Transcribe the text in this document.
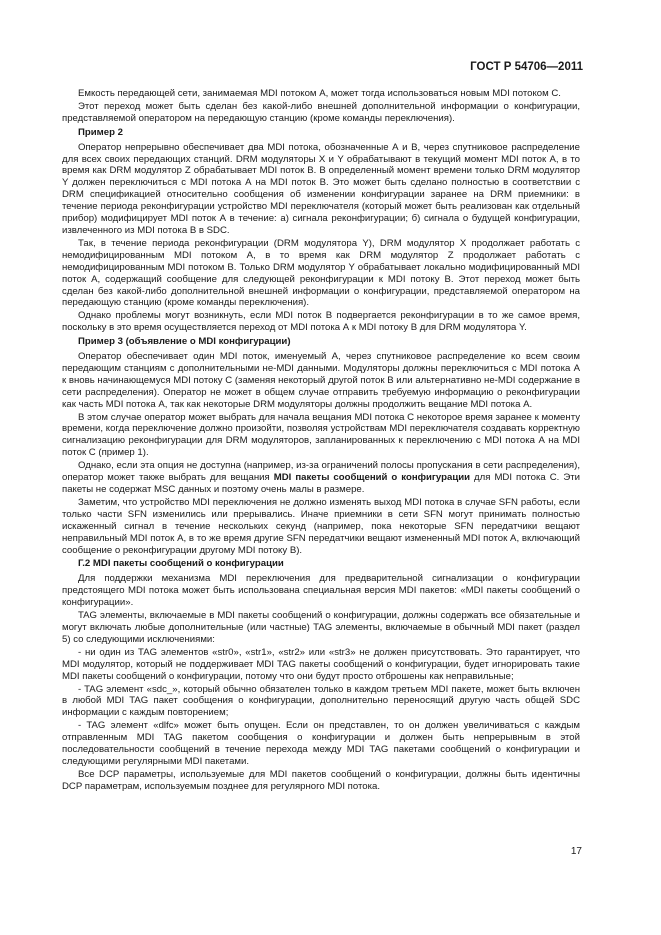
ГОСТ Р 54706—2011

Емкость передающей сети, занимаемая MDI потоком А, может тогда использоваться новым MDI потоком С.

Этот переход может быть сделан без какой-либо внешней дополнительной информации о конфигурации, представляемой оператором на передающую станцию (кроме команды переключения).

Пример 2

Оператор непрерывно обеспечивает два MDI потока, обозначенные А и В, через спутниковое распределение для всех своих передающих станций. DRM модуляторы X и Y обрабатывают в текущий момент MDI поток А, в то время как DRM модулятор Z обрабатывает MDI поток В. В определенный момент времени только DRM модулятор Y должен переключиться с MDI потока А на MDI поток В. Это может быть сделано полностью в соответствии с DRM спецификацией относительно сообщения об изменении конфигурации заранее на DRM приемники: в течение периода реконфигурации устройство MDI переключателя (который может быть реализован как отдельный прибор) модифицирует MDI поток А в течение: а) сигнала реконфигурации; б) сигнала о будущей конфигурации, извлеченного из MDI потока В в SDC.

Так, в течение периода реконфигурации (DRM модулятора Y), DRM модулятор X продолжает работать с немодифицированным MDI потоком А, в то время как DRM модулятор Z продолжает работать с немодифицированным MDI потоком В. Только DRM модулятор Y обрабатывает локально модифицированный MDI поток А, содержащий сообщение для следующей реконфигурации к MDI потоку В. Этот переход может быть сделан без какой-либо дополнительной внешней информации о конфигурации, представляемой оператором на передающую станцию (кроме команды переключения).

Однако проблемы могут возникнуть, если MDI поток В подвергается реконфигурации в то же самое время, поскольку в это время осуществляется переход от MDI потока А к MDI потоку В для DRM модулятора Y.

Пример 3 (объявление о MDI конфигурации)

Оператор обеспечивает один MDI поток, именуемый А, через спутниковое распределение ко всем своим передающим станциям с дополнительными не-MDI данными. Модуляторы должны переключиться с MDI потока А к вновь начинающемуся MDI потоку С (заменяя некоторый другой поток В или альтернативно не-MDI содержание в сети распределения). Оператор не может в общем случае отправить требуемую информацию о реконфигурации как часть MDI потока А, так как некоторые DRM модуляторы должны продолжить вещание MDI потока А.

В этом случае оператор может выбрать для начала вещания MDI потока С некоторое время заранее к моменту времени, когда переключение должно произойти, позволяя устройствам MDI переключателя создавать корректную сигнализацию реконфигурации для DRM модуляторов, запланированных к переключению с MDI потока А на MDI поток С (пример 1).

Однако, если эта опция не доступна (например, из-за ограничений полосы пропускания в сети распределения), оператор может также выбрать для вещания MDI пакеты сообщений о конфигурации для MDI потока С. Эти пакеты не содержат MSC данных и поэтому очень малы в размере.

Заметим, что устройство MDI переключения не должно изменять выход MDI потока в случае SFN работы, если только части SFN изменились или прерывались. Иначе приемники в сети SFN могут принимать полностью искаженный сигнал в течение нескольких секунд (например, пока некоторые SFN передатчики вещают неправильный MDI поток А, в то же время другие SFN передатчики вещают измененный MDI поток А, включающий сообщение о реконфигурации другому MDI потоку В).

Г.2 MDI пакеты сообщений о конфигурации

Для поддержки механизма MDI переключения для предварительной сигнализации о конфигурации предстоящего MDI потока может быть использована специальная версия MDI пакетов: «MDI пакеты сообщений о конфигурации».

TAG элементы, включаемые в MDI пакеты сообщений о конфигурации, должны содержать все обязательные и могут включать любые дополнительные (или частные) TAG элементы, включаемые в обычный MDI пакет (раздел 5) со следующими исключениями:

- ни один из TAG элементов «str0», «str1», «str2» или «str3» не должен присутствовать. Это гарантирует, что MDI модулятор, который не поддерживает MDI TAG пакеты сообщений о конфигурации, будет игнорировать такие MDI пакеты сообщений о конфигурации, потому что они будут просто отброшены как неправильные;

- TAG элемент «sdc_», который обычно обязателен только в каждом третьем MDI пакете, может быть включен в любой MDI TAG пакет сообщения о конфигурации, дополнительно переносящий другую часть общей SDC информации с каждым повторением;

- TAG элемент «dlfc» может быть опущен. Если он представлен, то он должен увеличиваться с каждым отправленным MDI TAG пакетом сообщения о конфигурации и должен быть непрерывным в этой последовательности сообщений в течение перехода между MDI TAG пакетами сообщений о конфигурации и следующими регулярными MDI пакетами.

Все DCP параметры, используемые для MDI пакетов сообщений о конфигурации, должны быть идентичны DCP параметрам, используемым позднее для регулярного MDI потока.

17
